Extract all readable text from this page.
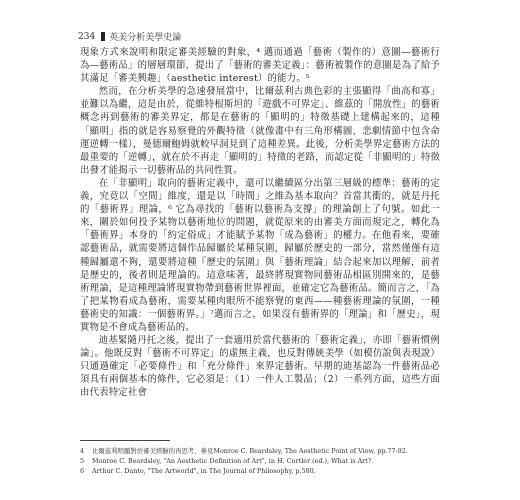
234 英美分析美學史論

現象方式來說明和限定審美經驗的對象，⁴ 邁而通過「藝術（製作的）意圖—藝術行為—藝術品」的層層環節，提出了「藝術的審美定義」：藝術被製作的意圖是為了給予其滿足「審美興趣」（aesthetic interest）的能力。⁵

然而，在分析美學的急速發展當中，比爾茲利古典色彩的主張顯得「曲高和寡」並難以為繼，這是由於，從維特根斯坦的「遊戲不可界定」、維茲的「開放性」的藝術概念再到藝術的審美界定，都是在藝術的「顯明的」特徵基礎上建構起來的，這種「顯明」指的就是容易察覺的外觀特徵（就像畫中有三角形構圖、悲劇情節中包含命運逆轉一樣），曼德爾鮑姆就較早洞見到了這種差異。此後，分析美學界定藝術方法的最重要的「逆轉」，就在於不再走「顯明的」特徵的老路，而認定從「非顯明的」特徵出發才能揭示一切藝術品的共同性質。

在「非顯明」取向的藝術定義中，還可以繼續區分出第三層級的標準：藝術的定義，究竟以「空間」維度，還是以「時間」之維為基本取向？首當其衝的，就是丹托的「藝術界」理論，⁶ 它為尋找的「藝術以藝術為支撐」的理論創上了句號。如此一來，關於如何投予某物以藝術地位的問題，就從原來的由審美方面而規定之，轉化為「藝術界」本身的「約定俗成」才能賦予某物「成為藝術」的權力。在他看來，要確認藝術品，就需要將這個作品歸屬於某種氛圍，歸屬於歷史的一部分，當然僅僅有這種歸屬還不夠，還要將這種『歷史的氛圍』與「藝術理論」結合起來加以理解，前者是歷史的，後者則是理論的。這意味著，最終將現實物同藝術品相區別開來的，是藝術理論，是這種理論將現實物帶到藝術世界裡面，並確定它為藝術品。簡而言之，「為了把某物看成為藝術，需要某種肉眼所不能察覺的東西——種藝術理論的氛圍，一種藝術史的知識：一個藝術界。」⁷邁而言之，如果沒有藝術界的「理論」和「歷史」，現實物是不會成為藝術品的。

迪基緊隨丹托之後，提出了一套適用於當代藝術的「藝術定義」，亦即「藝術慣例論」。他既反對「藝術不可界定」的虛無主義，也反對傳統美學（如模仿說與表現說）只通過確定「必要條件」和「充分條件」來界定藝術。早期的迪基認為一件藝術品必須具有兩個基本的條件，它必須是：（1）一件人工製品；（2）一系列方面，這些方面由代表特定社會

4	比爾茲利明顯對於審美經驗的再思考，參見Monroe C. Beardsley, The Aesthetic Point of View, pp.77-92.
5	Monroe C. Beardsley, "An Aesthetic Definition of Art", in H. Curtler (ed.), What is Art?.
6	Arthur C. Danto, "The Artworld", in The Journal of Philosophy, p.580.
